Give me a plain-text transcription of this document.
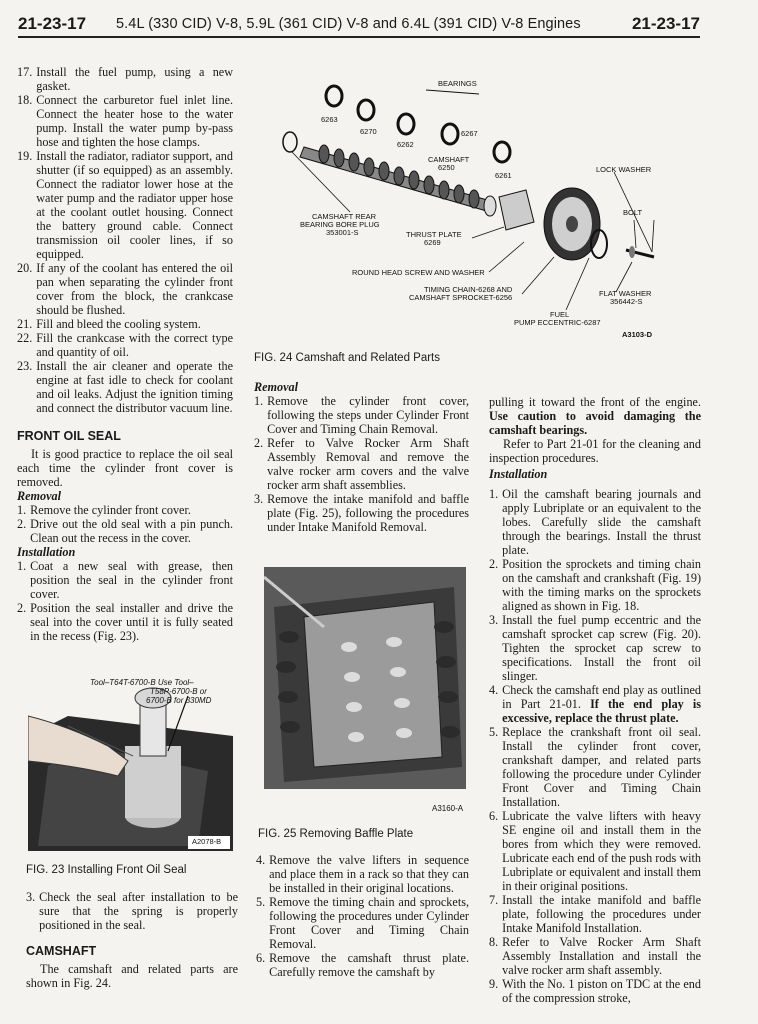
21-23-17 5.4L (330 CID) V-8, 5.9L (361 CID) V-8 and 6.4L (391 CID) V-8 Engines	21-23-17
17. Install the fuel pump, using a new gasket.
18. Connect the carburetor fuel inlet line. Connect the heater hose to the water pump. Install the water pump by-pass hose and tighten the hose clamps.
19. Install the radiator, radiator support, and shutter (if so equipped) as an assembly. Connect the radiator lower hose at the water pump and the radiator upper hose at the coolant outlet housing. Connect the battery ground cable. Connect transmission oil cooler lines, if so equipped.
20. If any of the coolant has entered the oil pan when separating the cylinder front cover from the block, the crankcase should be flushed.
21. Fill and bleed the cooling system.
22. Fill the crankcase with the correct type and quantity of oil.
23. Install the air cleaner and operate the engine at fast idle to check for coolant and oil leaks. Adjust the ignition timing and connect the distributor vacuum line.
FRONT OIL SEAL

It is good practice to replace the oil seal each time the cylinder front cover is removed.

Removal

1. Remove the cylinder front cover.
2. Drive out the old seal with a pin punch. Clean out the recess in the cover.

Installation

1. Coat a new seal with grease, then position the seal in the cylinder front cover.
2. Position the seal installer and drive the seal into the cover until it is fully seated in the recess (Fig. 23).
Tool–T64T-6700-B Use Tool–
T58P-6700-B or
6700-B for 330MD
A2078-B
FIG. 23 Installing Front Oil Seal
3. Check the seal after installation to be sure that the spring is properly positioned in the seal.
CAMSHAFT

The camshaft and related parts are shown in Fig. 24.

BEARINGS
6263
6270
6262
6267
CAMSHAFT
6250
6261
LOCK WASHER
BOLT
CAMSHAFT REAR
BEARING BORE PLUG
353001-S	THRUST PLATE
6269
ROUND HEAD SCREW AND WASHER
TIMING CHAIN-6268 AND
CAMSHAFT SPROCKET-6256	FLAT WASHER
356442-S
FUEL
PUMP ECCENTRIC-6287
A3103-D
FIG. 24 Camshaft and Related Parts

Removal

1. Remove the cylinder front cover, following the steps under Cylinder Front Cover and Timing Chain Removal.
2. Refer to Valve Rocker Arm Shaft Assembly Removal and remove the valve rocker arm covers and the valve rocker arm shaft assemblies.
3. Remove the intake manifold and baffle plate (Fig. 25), following the procedures under Intake Manifold Removal.
A3160-A
FIG. 25 Removing Baffle Plate
4. Remove the valve lifters in sequence and place them in a rack so that they can be installed in their original locations.
5. Remove the timing chain and sprockets, following the procedures under Cylinder Front Cover and Timing Chain Removal.
6. Remove the camshaft thrust plate. Carefully remove the camshaft by

pulling it toward the front of the engine. Use caution to avoid damaging the camshaft bearings.

Refer to Part 21-01 for the cleaning and inspection procedures.

Installation

1. Oil the camshaft bearing journals and apply Lubriplate or an equivalent to the lobes. Carefully slide the camshaft through the bearings. Install the thrust plate.
2. Position the sprockets and timing chain on the camshaft and crankshaft (Fig. 19) with the timing marks on the sprockets aligned as shown in Fig. 18.
3. Install the fuel pump eccentric and the camshaft sprocket cap screw (Fig. 20). Tighten the sprocket cap screw to specifications. Install the front oil slinger.
4. Check the camshaft end play as outlined in Part 21-01. If the end play is excessive, replace the thrust plate.
5. Replace the crankshaft front oil seal. Install the cylinder front cover, crankshaft damper, and related parts following the procedure under Cylinder Front Cover and Timing Chain Installation.
6. Lubricate the valve lifters with heavy SE engine oil and install them in the bores from which they were removed. Lubricate each end of the push rods with Lubriplate or equivalent and install them in their original positions.
7. Install the intake manifold and baffle plate, following the procedures under Intake Manifold Installation.
8. Refer to Valve Rocker Arm Shaft Assembly Installation and install the valve rocker arm shaft assembly.
9. With the No. 1 piston on TDC at the end of the compression stroke,
